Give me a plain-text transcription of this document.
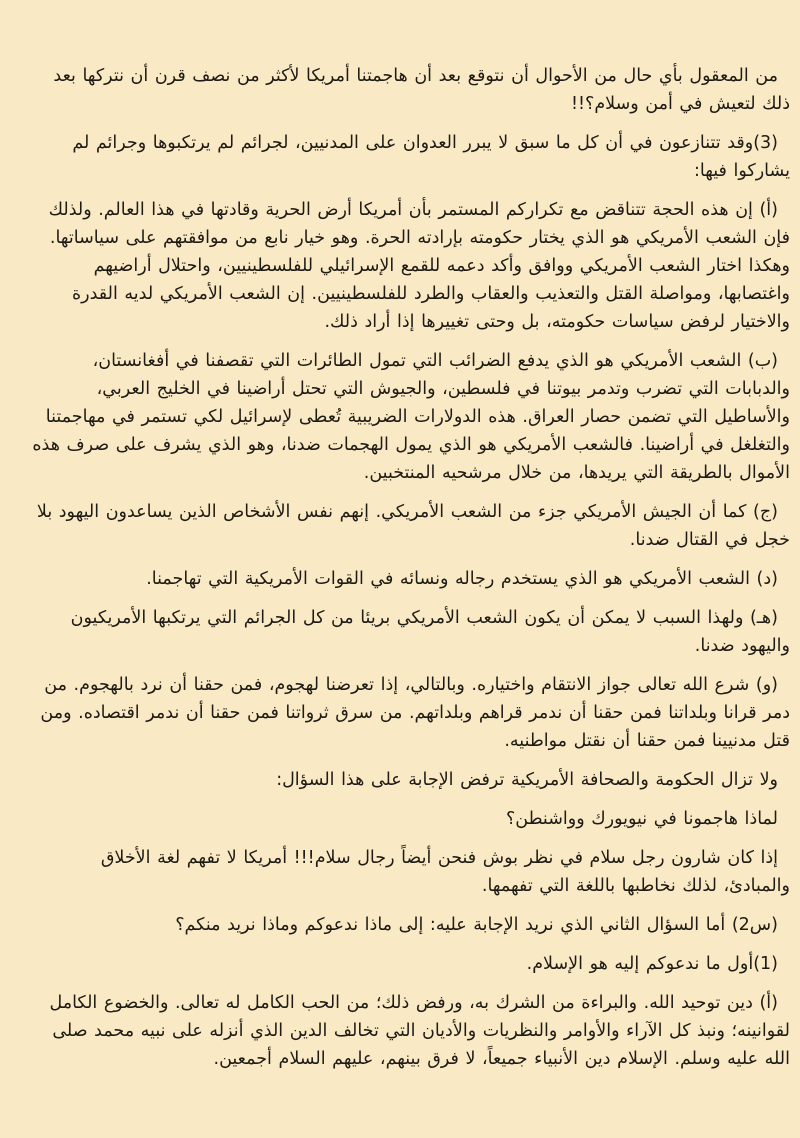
من المعقول بأي حال من الأحوال أن نتوقع بعد أن هاجمتنا أمريكا لأكثر من نصف قرن أن نتركها بعد ذلك لتعيش في أمن وسلام؟!!

(3)وقد تتنازعون في أن كل ما سبق لا يبرر العدوان على المدنيين، لجرائم لم يرتكبوها وجرائم لم يشاركوا فيها:

(أ) إن هذه الحجة تتناقض مع تكراركم المستمر بأن أمريكا أرض الحرية وقادتها في هذا العالم. ولذلك فإن الشعب الأمريكي هو الذي يختار حكومته بإرادته الحرة. وهو خيار نابع من موافقتهم على سياساتها. وهكذا اختار الشعب الأمريكي ووافق وأكد دعمه للقمع الإسرائيلي للفلسطينيين، واحتلال أراضيهم واغتصابها، ومواصلة القتل والتعذيب والعقاب والطرد للفلسطينيين. إن الشعب الأمريكي لديه القدرة والاختيار لرفض سياسات حكومته، بل وحتى تغييرها إذا أراد ذلك.

(ب) الشعب الأمريكي هو الذي يدفع الضرائب التي تمول الطائرات التي تقصفنا في أفغانستان، والدبابات التي تضرب وتدمر بيوتنا في فلسطين، والجيوش التي تحتل أراضينا في الخليج العربي، والأساطيل التي تضمن حصار العراق. هذه الدولارات الضريبية تُعطى لإسرائيل لكي تستمر في مهاجمتنا والتغلغل في أراضينا. فالشعب الأمريكي هو الذي يمول الهجمات ضدنا، وهو الذي يشرف على صرف هذه الأموال بالطريقة التي يريدها، من خلال مرشحيه المنتخبين.

(ج) كما أن الجيش الأمريكي جزء من الشعب الأمريكي. إنهم نفس الأشخاص الذين يساعدون اليهود بلا خجل في القتال ضدنا.

(د) الشعب الأمريكي هو الذي يستخدم رجاله ونسائه في القوات الأمريكية التي تهاجمنا.

(هـ) ولهذا السبب لا يمكن أن يكون الشعب الأمريكي بريئا من كل الجرائم التي يرتكبها الأمريكيون واليهود ضدنا.

(و) شرع الله تعالى جواز الانتقام واختياره. وبالتالي، إذا تعرضنا لهجوم، فمن حقنا أن نرد بالهجوم. من دمر قرانا وبلداتنا فمن حقنا أن ندمر قراهم وبلداتهم. من سرق ثرواتنا فمن حقنا أن ندمر اقتصاده. ومن قتل مدنيينا فمن حقنا أن نقتل مواطنيه.

ولا تزال الحكومة والصحافة الأمريكية ترفض الإجابة على هذا السؤال:

لماذا هاجمونا في نيويورك وواشنطن؟

إذا كان شارون رجل سلام في نظر بوش فنحن أيضاً رجال سلام!!! أمريكا لا تفهم لغة الأخلاق والمبادئ، لذلك نخاطبها باللغة التي تفهمها.

(س2) أما السؤال الثاني الذي نريد الإجابة عليه: إلى ماذا ندعوكم وماذا نريد منكم؟

(1)أول ما ندعوكم إليه هو الإسلام.

(أ) دين توحيد الله. والبراءة من الشرك به، ورفض ذلك؛ من الحب الكامل له تعالى. والخضوع الكامل لقوانينه؛ ونبذ كل الآراء والأوامر والنظريات والأديان التي تخالف الدين الذي أنزله على نبيه محمد صلى الله عليه وسلم. الإسلام دين الأنبياء جميعاً، لا فرق بينهم، عليهم السلام أجمعين.
